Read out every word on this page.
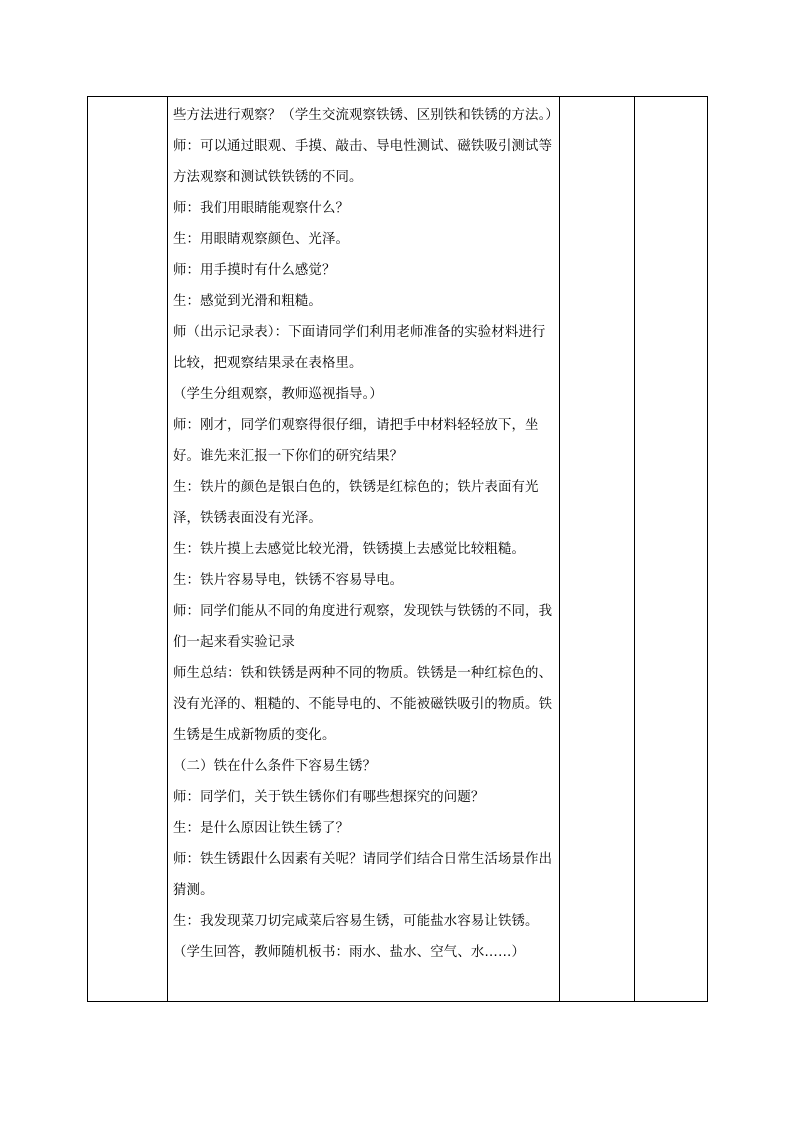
些方法进行观察？（学生交流观察铁锈、区别铁和铁锈的方法。）

师：可以通过眼观、手摸、敲击、导电性测试、磁铁吸引测试等方法观察和测试铁铁锈的不同。

师：我们用眼睛能观察什么？

生：用眼睛观察颜色、光泽。

师：用手摸时有什么感觉？

生：感觉到光滑和粗糙。

师（出示记录表）：下面请同学们利用老师准备的实验材料进行比较，把观察结果录在表格里。

（学生分组观察，教师巡视指导。）

师：刚才，同学们观察得很仔细，请把手中材料轻轻放下，坐好。谁先来汇报一下你们的研究结果？

生：铁片的颜色是银白色的，铁锈是红棕色的；铁片表面有光泽，铁锈表面没有光泽。

生：铁片摸上去感觉比较光滑，铁锈摸上去感觉比较粗糙。

生：铁片容易导电，铁锈不容易导电。

师：同学们能从不同的角度进行观察，发现铁与铁锈的不同，我们一起来看实验记录

师生总结：铁和铁锈是两种不同的物质。铁锈是一种红棕色的、没有光泽的、粗糙的、不能导电的、不能被磁铁吸引的物质。铁生锈是生成新物质的变化。

（二）铁在什么条件下容易生锈？

师：同学们，关于铁生锈你们有哪些想探究的问题？

生：是什么原因让铁生锈了？

师：铁生锈跟什么因素有关呢？请同学们结合日常生活场景作出猜测。

生：我发现菜刀切完咸菜后容易生锈，可能盐水容易让铁锈。

（学生回答，教师随机板书：雨水、盐水、空气、水……）
